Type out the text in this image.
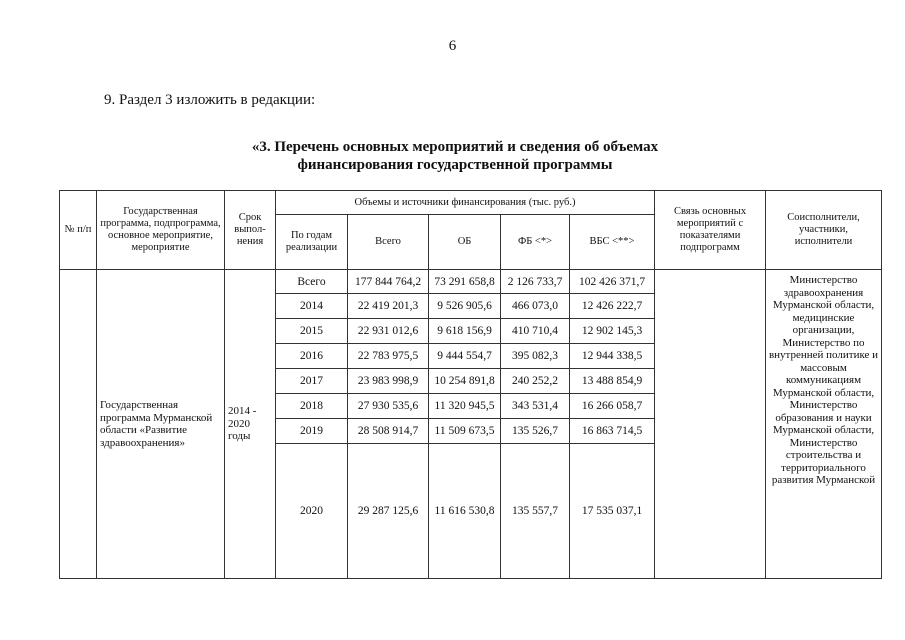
6
9. Раздел 3 изложить в редакции:
«3. Перечень основных мероприятий и сведения об объемах
финансирования государственной программы
№ п/п	Государственная программа, подпрограмма, основное мероприятие, мероприятие	Срок выпол-нения	Объемы и источники финансирования (тыс. руб.)					Связь основных мероприятий с показателями подпрограмм	Соисполнители, участники, исполнители
			По годам реализации	Всего	ОБ	ФБ <*>	ВБС <**>		
	Государственная программа Мурманской области «Развитие здравоохранения»	2014 - 2020 годы	Всего	177 844 764,2	73 291 658,8	2 126 733,7	102 426 371,7		Министерство здравоохранения Мурманской области, медицинские организации, Министерство по внутренней политике и массовым коммуникациям Мурманской области, Министерство образования и науки Мурманской области, Министерство строительства и территориального развития Мурманской
			2014	22 419 201,3	9 526 905,6	466 073,0	12 426 222,7		
			2015	22 931 012,6	9 618 156,9	410 710,4	12 902 145,3		
			2016	22 783 975,5	9 444 554,7	395 082,3	12 944 338,5		
			2017	23 983 998,9	10 254 891,8	240 252,2	13 488 854,9		
			2018	27 930 535,6	11 320 945,5	343 531,4	16 266 058,7		
			2019	28 508 914,7	11 509 673,5	135 526,7	16 863 714,5		
			2020	29 287 125,6	11 616 530,8	135 557,7	17 535 037,1		
